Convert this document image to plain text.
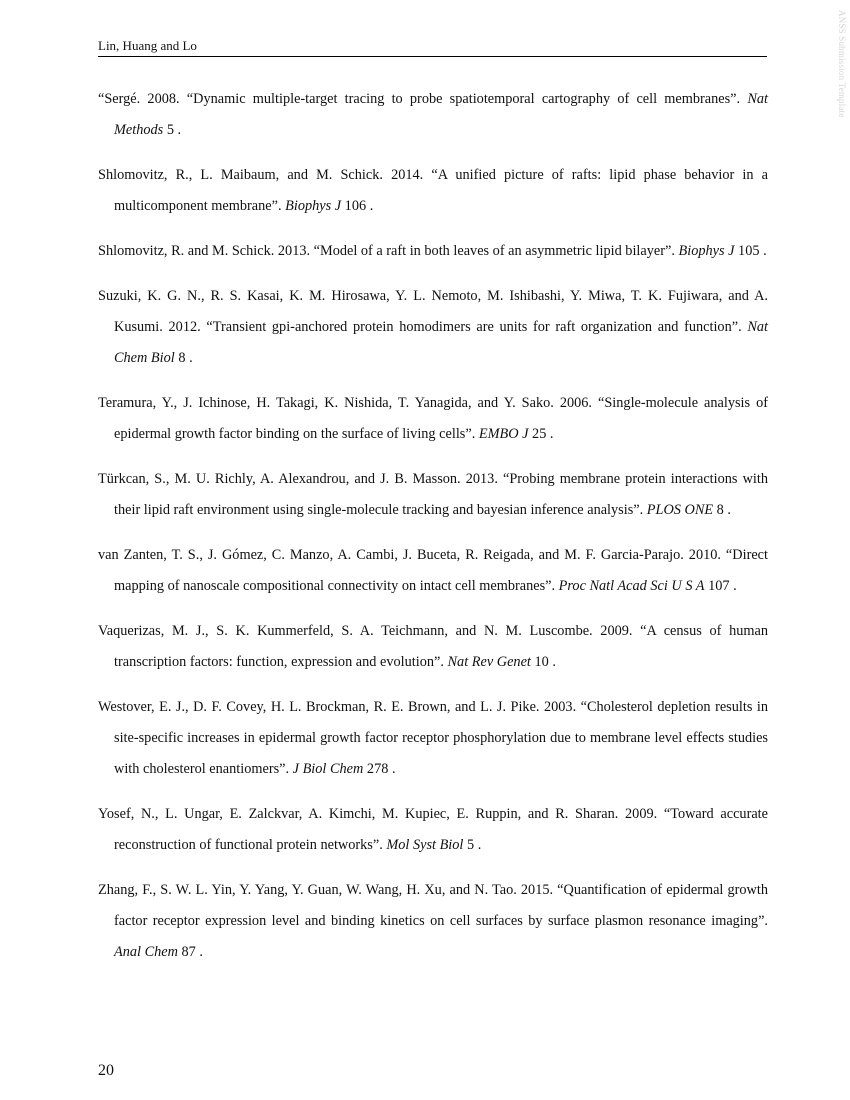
Lin, Huang and Lo

“Sergé. 2008. “Dynamic multiple-target tracing to probe spatiotemporal cartography of cell membranes”. Nat Methods 5 .

Shlomovitz, R., L. Maibaum, and M. Schick. 2014. “A unified picture of rafts: lipid phase behavior in a multicomponent membrane”. Biophys J 106 .

Shlomovitz, R. and M. Schick. 2013. “Model of a raft in both leaves of an asymmetric lipid bilayer”. Biophys J 105 .

Suzuki, K. G. N., R. S. Kasai, K. M. Hirosawa, Y. L. Nemoto, M. Ishibashi, Y. Miwa, T. K. Fujiwara, and A. Kusumi. 2012. “Transient gpi-anchored protein homodimers are units for raft organization and function”. Nat Chem Biol 8 .

Teramura, Y., J. Ichinose, H. Takagi, K. Nishida, T. Yanagida, and Y. Sako. 2006. “Single-molecule analysis of epidermal growth factor binding on the surface of living cells”. EMBO J 25 .

Türkcan, S., M. U. Richly, A. Alexandrou, and J. B. Masson. 2013. “Probing membrane protein interactions with their lipid raft environment using single-molecule tracking and bayesian inference analysis”. PLOS ONE 8 .

van Zanten, T. S., J. Gómez, C. Manzo, A. Cambi, J. Buceta, R. Reigada, and M. F. Garcia-Parajo. 2010. “Direct mapping of nanoscale compositional connectivity on intact cell membranes”. Proc Natl Acad Sci U S A 107 .

Vaquerizas, M. J., S. K. Kummerfeld, S. A. Teichmann, and N. M. Luscombe. 2009. “A census of human transcription factors: function, expression and evolution”. Nat Rev Genet 10 .

Westover, E. J., D. F. Covey, H. L. Brockman, R. E. Brown, and L. J. Pike. 2003. “Cholesterol depletion results in site-specific increases in epidermal growth factor receptor phosphorylation due to membrane level effects studies with cholesterol enantiomers”. J Biol Chem 278 .

Yosef, N., L. Ungar, E. Zalckvar, A. Kimchi, M. Kupiec, E. Ruppin, and R. Sharan. 2009. “Toward accurate reconstruction of functional protein networks”. Mol Syst Biol 5 .

Zhang, F., S. W. L. Yin, Y. Yang, Y. Guan, W. Wang, H. Xu, and N. Tao. 2015. “Quantification of epidermal growth factor receptor expression level and binding kinetics on cell surfaces by surface plasmon resonance imaging”. Anal Chem 87 .

20
ANSS Submission Template
